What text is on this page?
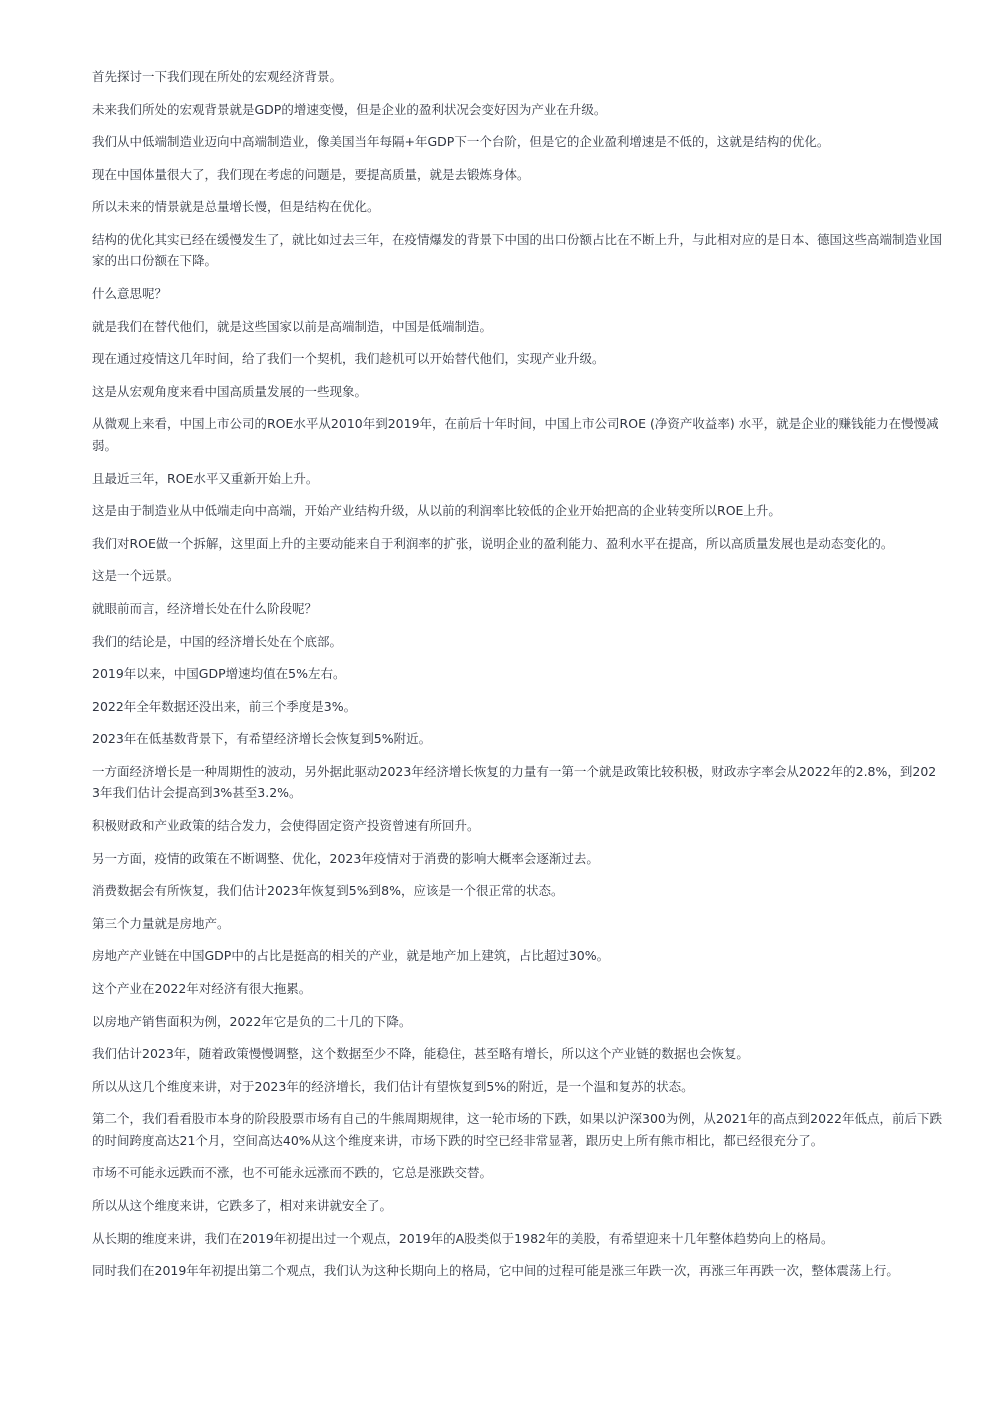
首先探讨一下我们现在所处的宏观经济背景。

未来我们所处的宏观背景就是GDP的增速变慢，但是企业的盈利状况会变好因为产业在升级。

我们从中低端制造业迈向中高端制造业，像美国当年每隔+年GDP下一个台阶，但是它的企业盈利增速是不低的，这就是结构的优化。

现在中国体量很大了，我们现在考虑的问题是，要提高质量，就是去锻炼身体。

所以未来的情景就是总量增长慢，但是结构在优化。

结构的优化其实已经在缓慢发生了，就比如过去三年，在疫情爆发的背景下中国的出口份额占比在不断上升，与此相对应的是日本、德国这些高端制造业国家的出口份额在下降。

什么意思呢？

就是我们在替代他们，就是这些国家以前是高端制造，中国是低端制造。

现在通过疫情这几年时间，给了我们一个契机，我们趁机可以开始替代他们，实现产业升级。

这是从宏观角度来看中国高质量发展的一些现象。

从微观上来看，中国上市公司的ROE水平从2010年到2019年，在前后十年时间，中国上市公司ROE (净资产收益率) 水平，就是企业的赚钱能力在慢慢减弱。

且最近三年，ROE水平又重新开始上升。

这是由于制造业从中低端走向中高端，开始产业结构升级，从以前的利润率比较低的企业开始把高的企业转变所以ROE上升。

我们对ROE做一个拆解，这里面上升的主要动能来自于利润率的扩张，说明企业的盈利能力、盈利水平在提高，所以高质量发展也是动态变化的。

这是一个远景。

就眼前而言，经济增长处在什么阶段呢？

我们的结论是，中国的经济增长处在个底部。

2019年以来，中国GDP增速均值在5%左右。

2022年全年数据还没出来，前三个季度是3%。

2023年在低基数背景下，有希望经济增长会恢复到5%附近。

一方面经济增长是一种周期性的波动，另外据此驱动2023年经济增长恢复的力量有一第一个就是政策比较积极，财政赤字率会从2022年的2.8%，到2023年我们估计会提高到3%甚至3.2%。

积极财政和产业政策的结合发力，会使得固定资产投资曾速有所回升。

另一方面，疫情的政策在不断调整、优化，2023年疫情对于消费的影响大概率会逐渐过去。

消费数据会有所恢复，我们估计2023年恢复到5%到8%，应该是一个很正常的状态。

第三个力量就是房地产。

房地产产业链在中国GDP中的占比是挺高的相关的产业，就是地产加上建筑，占比超过30%。

这个产业在2022年对经济有很大拖累。

以房地产销售面积为例，2022年它是负的二十几的下降。

我们估计2023年，随着政策慢慢调整，这个数据至少不降，能稳住，甚至略有增长，所以这个产业链的数据也会恢复。

所以从这几个维度来讲，对于2023年的经济增长，我们估计有望恢复到5%的附近，是一个温和复苏的状态。

第二个，我们看看股市本身的阶段股票市场有自己的牛熊周期规律，这一轮市场的下跌，如果以沪深300为例，从2021年的高点到2022年低点，前后下跌的时间跨度高达21个月，空间高达40%从这个维度来讲，市场下跌的时空已经非常显著，跟历史上所有熊市相比，都已经很充分了。

市场不可能永远跌而不涨，也不可能永远涨而不跌的，它总是涨跌交替。

所以从这个维度来讲，它跌多了，相对来讲就安全了。

从长期的维度来讲，我们在2019年初提出过一个观点，2019年的A股类似于1982年的美股，有希望迎来十几年整体趋势向上的格局。

同时我们在2019年年初提出第二个观点，我们认为这种长期向上的格局，它中间的过程可能是涨三年跌一次，再涨三年再跌一次，整体震荡上行。
